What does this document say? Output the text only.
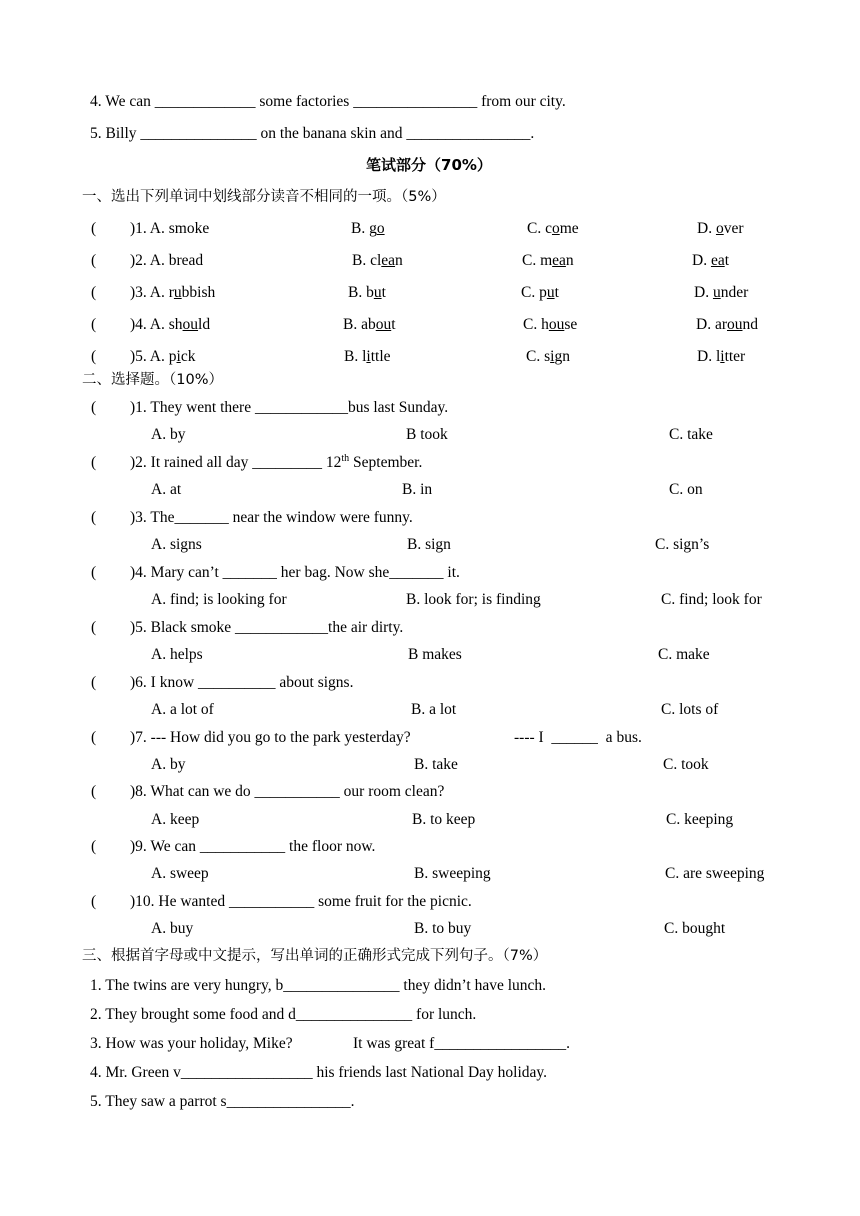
4. We can _____________ some factories ________________ from our city.
5. Billy _______________ on the banana skin and ________________.
笔试部分（70%）
一、选出下列单词中划线部分读音不相同的一项。（5%）
( )1. A. smoke	B. go	C. come	D. over
( )2. A. bread	B. clean	C. mean	D. eat
( )3. A. rubbish	B. but	C. put	D. under
( )4. A. should	B. about	C. house	D. around
( )5. A. pick	B. little	C. sign	D. litter
二、选择题。（10%）
( )1. They went there ____________bus last Sunday.
A. by	B took	C. take
( )2. It rained all day _________ 12th September.
A. at	B. in	C. on
( )3. The_______ near the window were funny.
A. signs	B. sign	C. sign’s
( )4. Mary can’t _______ her bag. Now she_______ it.
A. find; is looking for	B. look for; is finding	C. find; look for
( )5. Black smoke ____________the air dirty.
A. helps	B makes	C. make
( )6. I know __________ about signs.
A. a lot of	B. a lot	C. lots of
( )7. --- How did you go to the park yesterday?	---- I  ______  a bus.
A. by	B. take	C. took
( )8. What can we do ___________ our room clean?
A. keep	B. to keep	C. keeping
( )9. We can ___________ the floor now.
A. sweep	B. sweeping	C. are sweeping
( )10. He wanted ___________ some fruit for the picnic.
A. buy	B. to buy	C. bought
三、根据首字母或中文提示，写出单词的正确形式完成下列句子。（7%）
1. The twins are very hungry, b_______________ they didn’t have lunch.
2. They brought some food and d_______________ for lunch.
3. How was your holiday, Mike?	It was great f_________________.
4. Mr. Green v_________________ his friends last National Day holiday.
5. They saw a parrot s________________.
